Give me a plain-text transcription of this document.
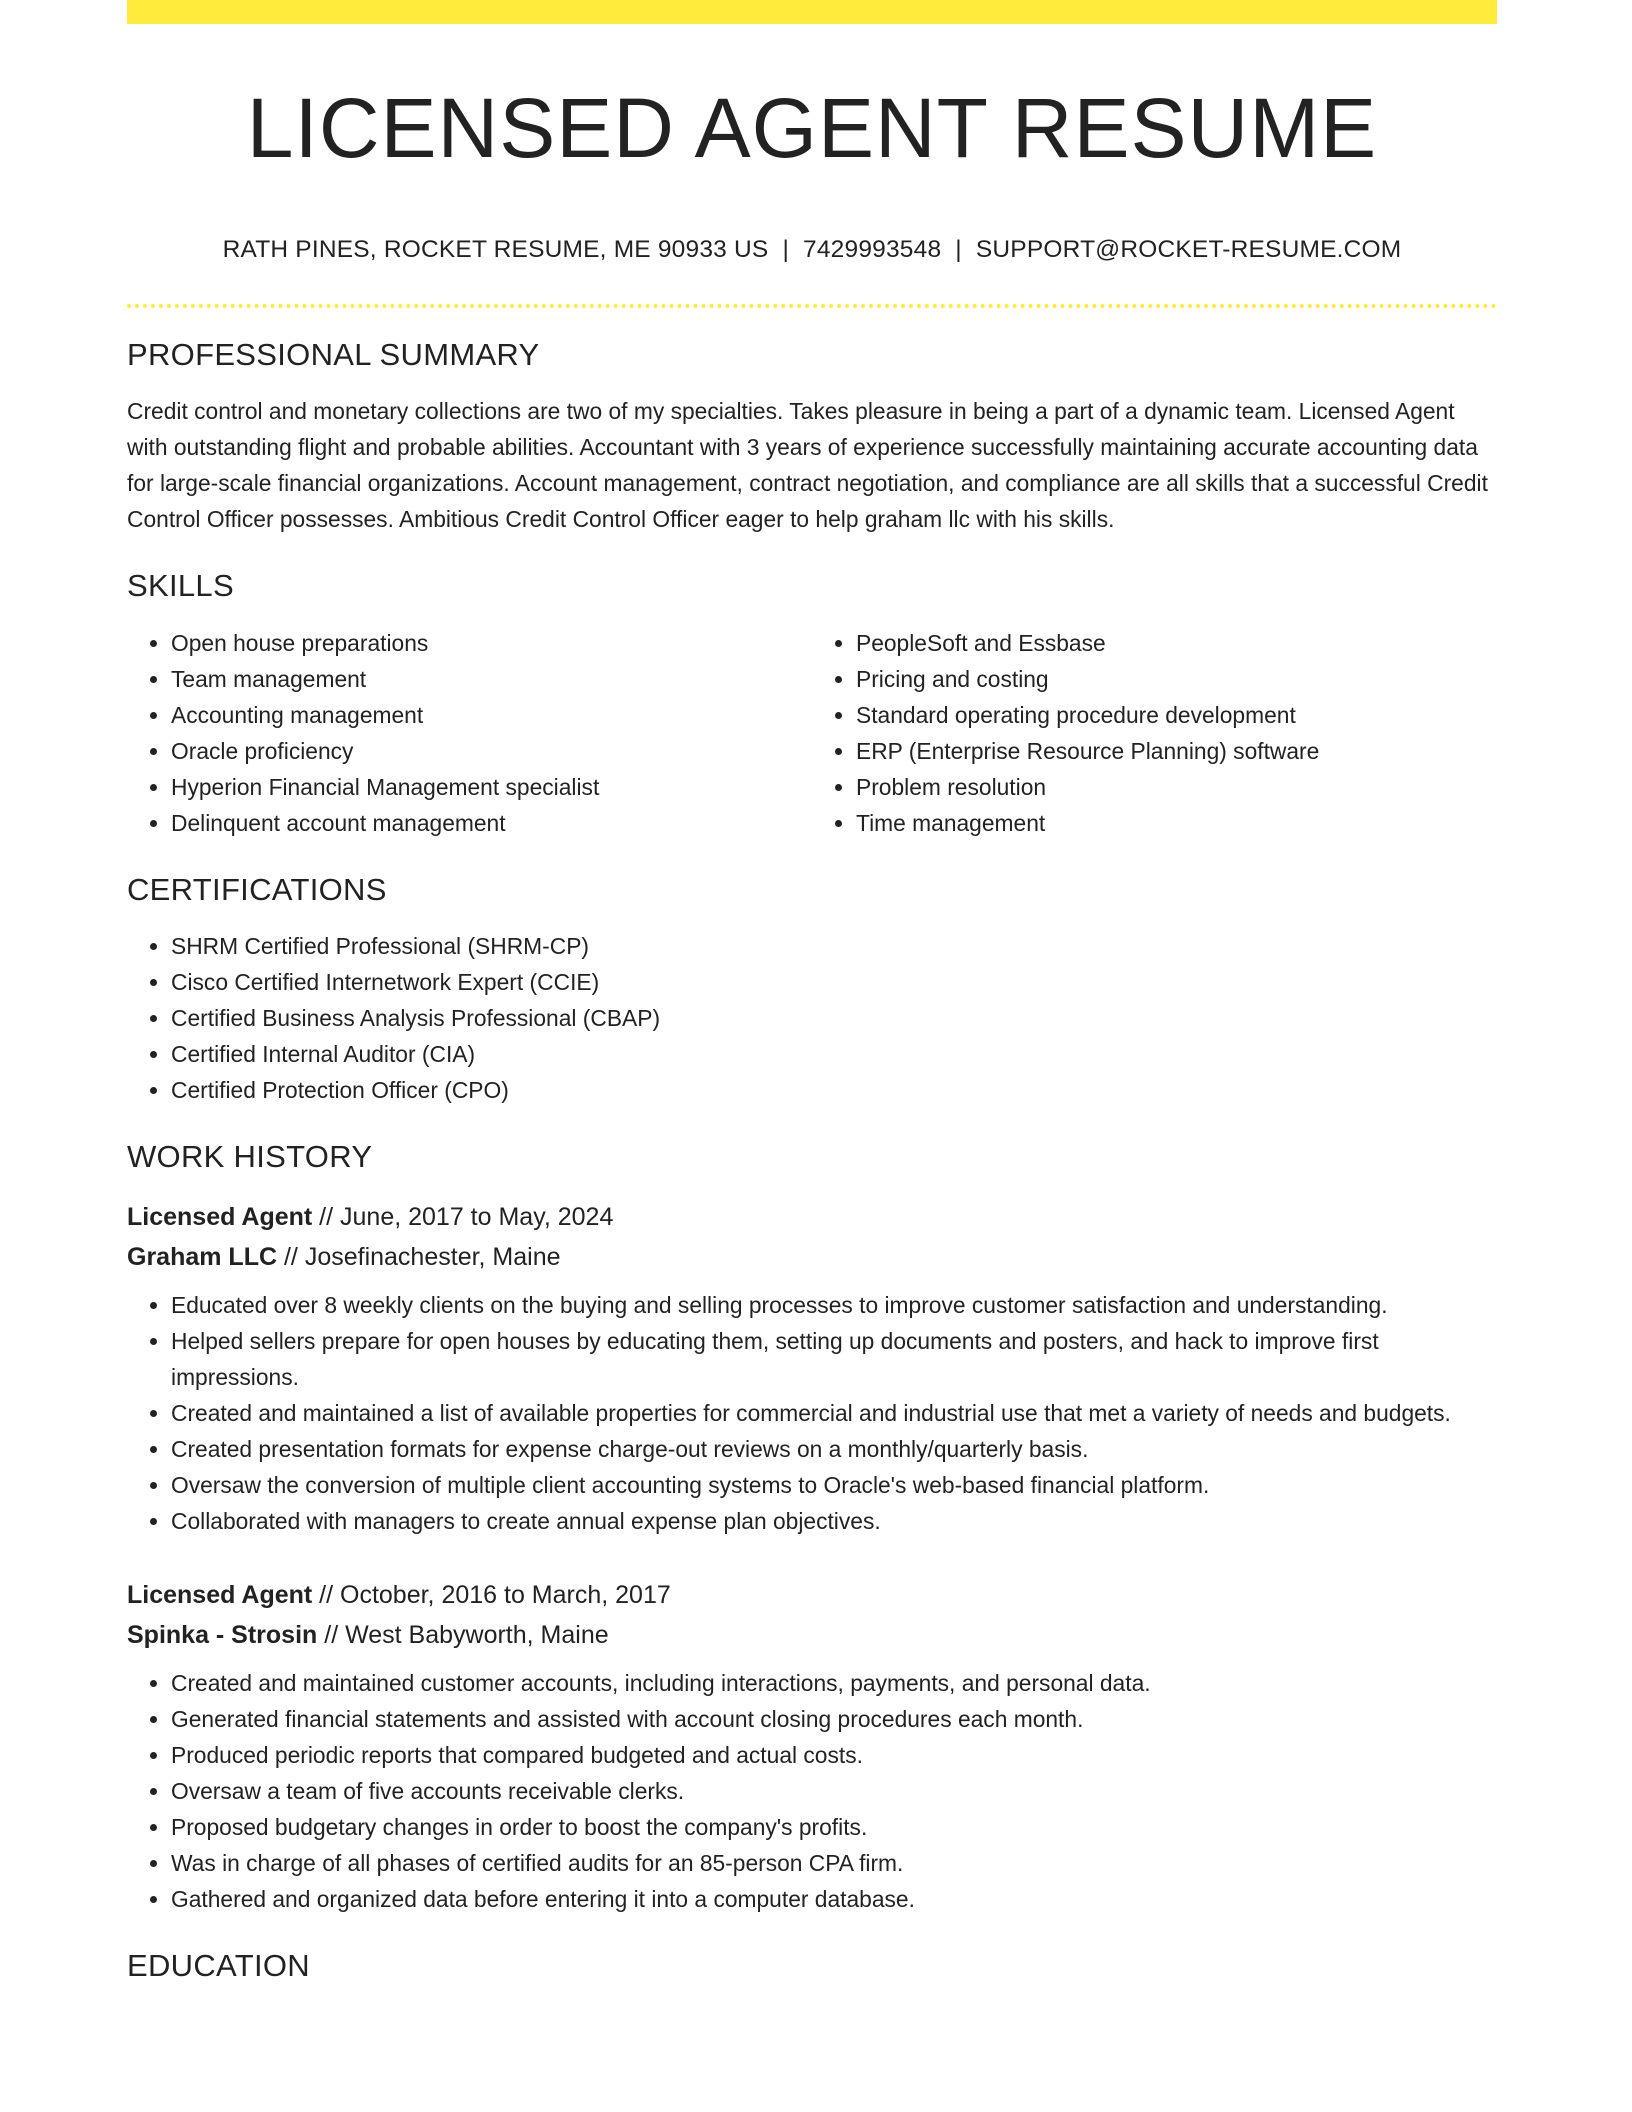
LICENSED AGENT RESUME
RATH PINES, ROCKET RESUME, ME 90933 US | 7429993548 | SUPPORT@ROCKET-RESUME.COM
PROFESSIONAL SUMMARY

Credit control and monetary collections are two of my specialties. Takes pleasure in being a part of a dynamic team. Licensed Agent with outstanding flight and probable abilities. Accountant with 3 years of experience successfully maintaining accurate accounting data for large-scale financial organizations. Account management, contract negotiation, and compliance are all skills that a successful Credit Control Officer possesses. Ambitious Credit Control Officer eager to help graham llc with his skills.

SKILLS
• Open house preparations
• Team management
• Accounting management
• Oracle proficiency
• Hyperion Financial Management specialist
• Delinquent account management
• PeopleSoft and Essbase
• Pricing and costing
• Standard operating procedure development
• ERP (Enterprise Resource Planning) software
• Problem resolution
• Time management
CERTIFICATIONS
• SHRM Certified Professional (SHRM-CP)
• Cisco Certified Internetwork Expert (CCIE)
• Certified Business Analysis Professional (CBAP)
• Certified Internal Auditor (CIA)
• Certified Protection Officer (CPO)
WORK HISTORY
Licensed Agent // June, 2017 to May, 2024
Graham LLC // Josefinachester, Maine
• Educated over 8 weekly clients on the buying and selling processes to improve customer satisfaction and understanding.
• Helped sellers prepare for open houses by educating them, setting up documents and posters, and hack to improve first impressions.
• Created and maintained a list of available properties for commercial and industrial use that met a variety of needs and budgets.
• Created presentation formats for expense charge-out reviews on a monthly/quarterly basis.
• Oversaw the conversion of multiple client accounting systems to Oracle's web-based financial platform.
• Collaborated with managers to create annual expense plan objectives.
Licensed Agent // October, 2016 to March, 2017
Spinka - Strosin // West Babyworth, Maine
• Created and maintained customer accounts, including interactions, payments, and personal data.
• Generated financial statements and assisted with account closing procedures each month.
• Produced periodic reports that compared budgeted and actual costs.
• Oversaw a team of five accounts receivable clerks.
• Proposed budgetary changes in order to boost the company's profits.
• Was in charge of all phases of certified audits for an 85-person CPA firm.
• Gathered and organized data before entering it into a computer database.
EDUCATION
